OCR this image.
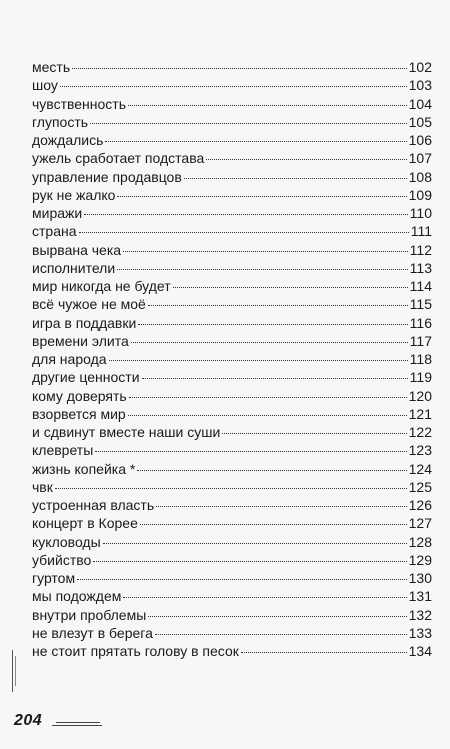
месть	102
шоу	103
чувственность	104
глупость	105
дождались	106
ужель сработает подстава	107
управление продавцов	108
рук не жалко	109
миражи	110
страна	111
вырвана чека	112
исполнители	113
мир никогда не будет	114
всё чужое не моё	115
игра в поддавки	116
времени элита	117
для народа	118
другие ценности	119
кому доверять	120
взорвется мир	121
и сдвинут вместе наши суши	122
клевреты	123
жизнь копейка *	124
чвк	125
устроенная власть	126
концерт в Корее	127
кукловоды	128
убийство	129
гуртом	130
мы подождем	131
внутри проблемы	132
не влезут в берега	133
не стоит прятать голову в песок	134
204
